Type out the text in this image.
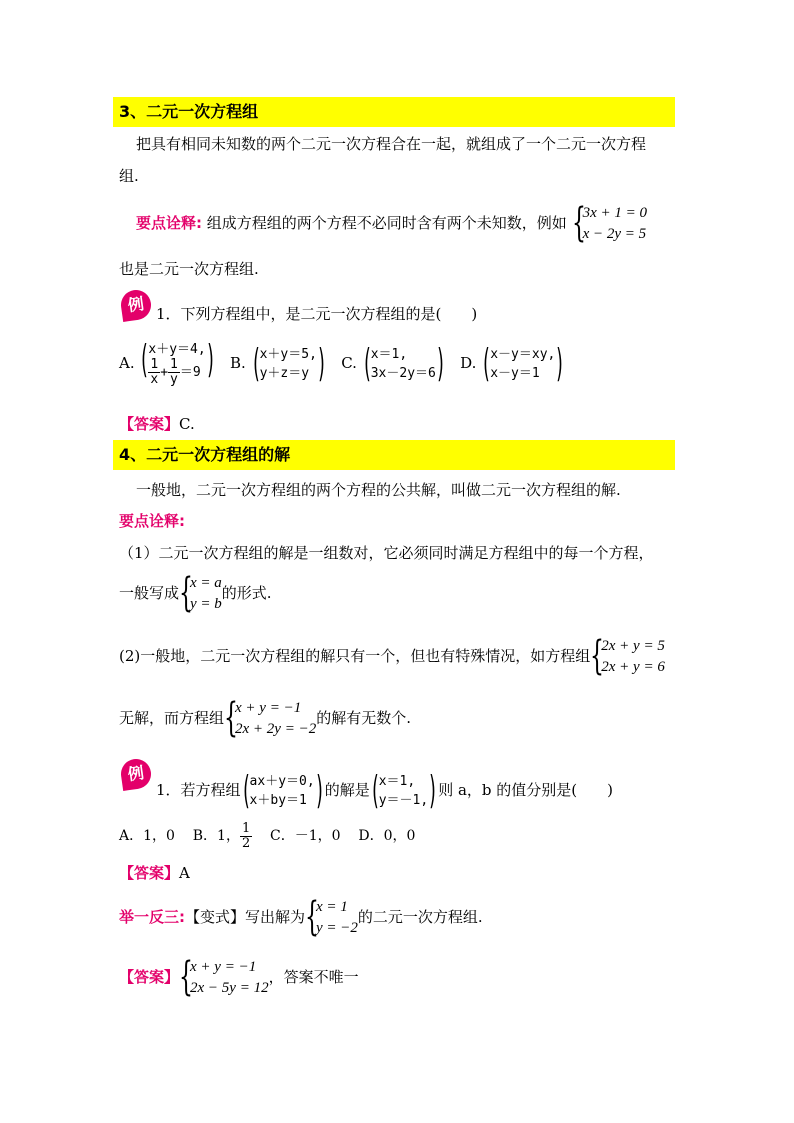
3、二元一次方程组
把具有相同未知数的两个二元一次方程合在一起，就组成了一个二元一次方程
组.
要点诠释: 组成方程组的两个方程不必同时含有两个未知数，例如 {
3x + 1 = 0
x − 2y = 5
也是二元一次方程组.
例 1．下列方程组中，是二元一次方程组的是(　　)
A. (
x＋y＝4,
$\frac{1}{x} + \frac{1}{y} =9$ ) B. (
x＋y＝5,
y＋z＝y ) C. (
x＝1,
3x－2y＝6 ) D. (
x－y＝xy,
x－y＝1 )
【答案】C.
4、二元一次方程组的解
一般地，二元一次方程组的两个方程的公共解，叫做二元一次方程组的解.
要点诠释:
（1）二元一次方程组的解是一组数对，它必须同时满足方程组中的每一个方程，
一般写成 {
x = a
y = b
的形式.
(2)一般地，二元一次方程组的解只有一个，但也有特殊情况，如方程组 {
2x + y = 5
2x + y = 6
无解，而方程组 {
x + y = −1
2x + 2y = −2
的解有无数个.
例
1．若方程组 (
ax＋y＝0,
x＋by＝1 ) 的解是 (
x＝1,
y＝－1, ) 则 a，b 的值分别是(　　)
A．1，0 B．1， $\frac{1}{2}$ C．－1，0 D．0，0
【答案】A
举一反三:【变式】写出解为 {
x = 1
y = −2
的二元一次方程组.
【答案】 {
x + y = −1
2x − 5y = 12
，答案不唯一
